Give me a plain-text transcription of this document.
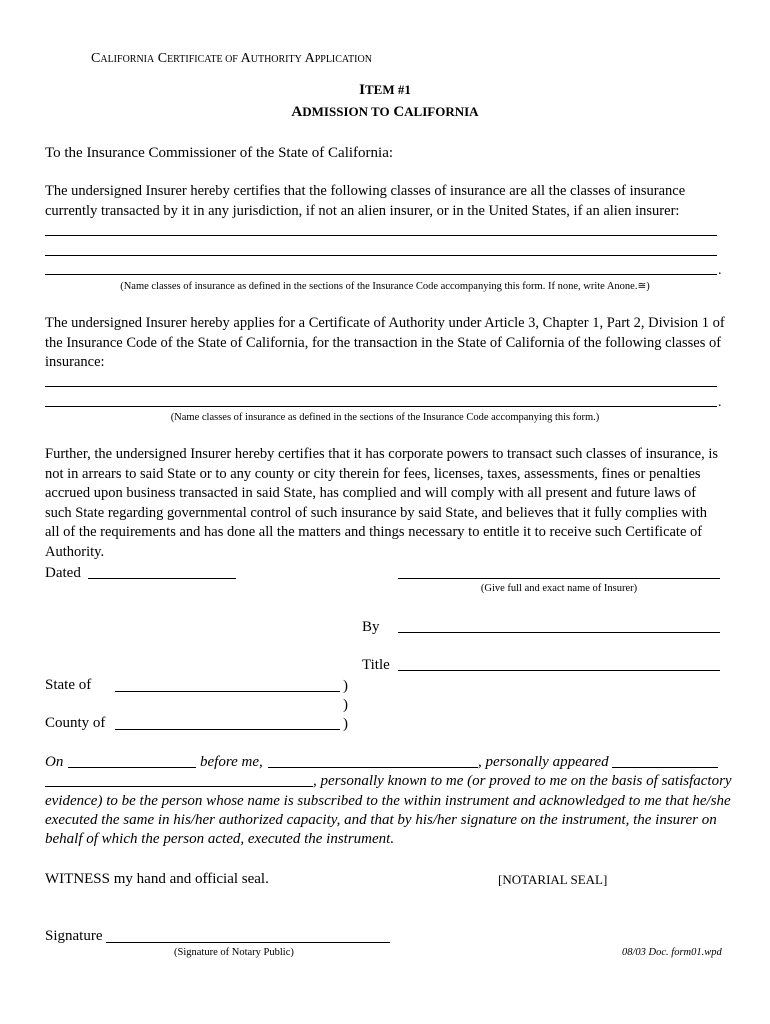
CALIFORNIA CERTIFICATE OF AUTHORITY APPLICATION
ITEM #1
ADMISSION TO CALIFORNIA
To the Insurance Commissioner of the State of California:
The undersigned Insurer hereby certifies that the following classes of insurance are all the classes of insurance currently transacted by it in any jurisdiction, if not an alien insurer, or in the United States, if an alien insurer:
.
(Name classes of insurance as defined in the sections of the Insurance Code accompanying this form. If none, write Anone.≅)
The undersigned Insurer hereby applies for a Certificate of Authority under Article 3, Chapter 1, Part 2, Division 1 of the Insurance Code of the State of California, for the transaction in the State of California of the following classes of insurance:
.
(Name classes of insurance as defined in the sections of the Insurance Code accompanying this form.)
Further, the undersigned Insurer hereby certifies that it has corporate powers to transact such classes of insurance, is not in arrears to said State or to any county or city therein for fees, licenses, taxes, assessments, fines or penalties accrued upon business transacted in said State, has complied and will comply with all present and future laws of such State regarding governmental control of such insurance by said State, and believes that it fully complies with all of the requirements and has done all the matters and things necessary to entitle it to receive such Certificate of Authority.
Dated
(Give full and exact name of Insurer)
By
Title
State of	)
)
County of	)
On	before me,	, personally appeared
, personally known to me (or proved to me on the basis of satisfactory
evidence) to be the person whose name is subscribed to the within instrument and acknowledged to me that he/she
executed the same in his/her authorized capacity, and that by his/her signature on the instrument, the insurer on
behalf of which the person acted, executed the instrument.
WITNESS my hand and official seal.	[NOTARIAL SEAL]
Signature
(Signature of Notary Public)	08/03 Doc. form01.wpd
